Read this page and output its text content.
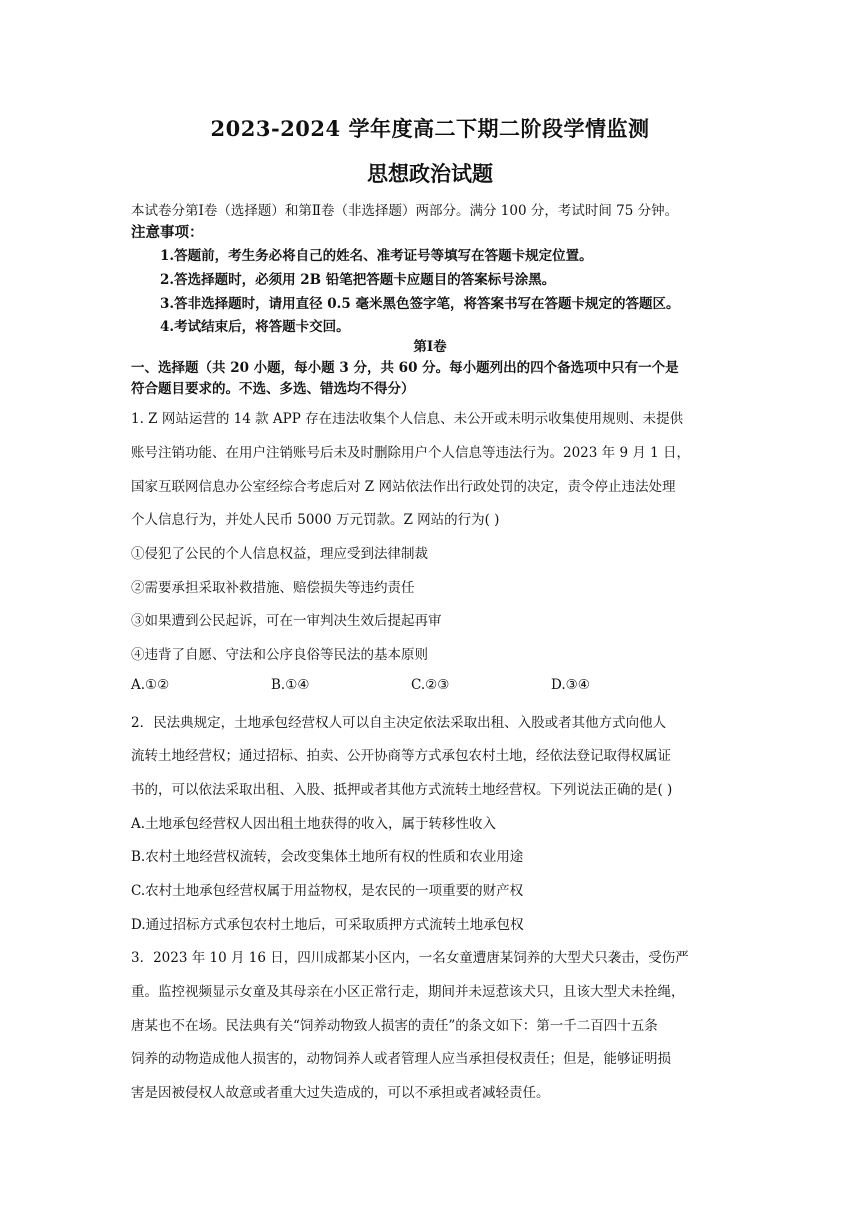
2023-2024 学年度高二下期二阶段学情监测
思想政治试题
本试卷分第Ⅰ卷（选择题）和第Ⅱ卷（非选择题）两部分。满分 100 分，考试时间 75 分钟。
注意事项：
1.答题前，考生务必将自己的姓名、准考证号等填写在答题卡规定位置。
2.答选择题时，必须用 2B 铅笔把答题卡应题目的答案标号涂黑。
3.答非选择题时，请用直径 0.5 毫米黑色签字笔，将答案书写在答题卡规定的答题区。
4.考试结束后，将答题卡交回。
第Ⅰ卷
一、选择题（共 20 小题，每小题 3 分，共 60 分。每小题列出的四个备选项中只有一个是
符合题目要求的。不选、多选、错选均不得分）
1. Z 网站运营的 14 款 APP 存在违法收集个人信息、未公开或未明示收集使用规则、未提供
账号注销功能、在用户注销账号后未及时删除用户个人信息等违法行为。2023 年 9 月 1 日，
国家互联网信息办公室经综合考虑后对 Z 网站依法作出行政处罚的决定，责令停止违法处理
个人信息行为，并处人民币 5000 万元罚款。Z 网站的行为( )
①侵犯了公民的个人信息权益，理应受到法律制裁
②需要承担采取补救措施、赔偿损失等违约责任
③如果遭到公民起诉，可在一审判决生效后提起再审
④违背了自愿、守法和公序良俗等民法的基本原则
A.①②	B.①④	C.②③	D.③④
2．民法典规定，土地承包经营权人可以自主决定依法采取出租、入股或者其他方式向他人
流转土地经营权；通过招标、拍卖、公开协商等方式承包农村土地，经依法登记取得权属证
书的，可以依法采取出租、入股、抵押或者其他方式流转土地经营权。下列说法正确的是( )
A.土地承包经营权人因出租土地获得的收入，属于转移性收入
B.农村土地经营权流转，会改变集体土地所有权的性质和农业用途
C.农村土地承包经营权属于用益物权，是农民的一项重要的财产权
D.通过招标方式承包农村土地后，可采取质押方式流转土地承包权
3．2023 年 10 月 16 日，四川成都某小区内，一名女童遭唐某饲养的大型犬只袭击，受伤严
重。监控视频显示女童及其母亲在小区正常行走，期间并未逗惹该犬只，且该大型犬未拴绳，
唐某也不在场。民法典有关“饲养动物致人损害的责任”的条文如下：第一千二百四十五条
饲养的动物造成他人损害的，动物饲养人或者管理人应当承担侵权责任；但是，能够证明损
害是因被侵权人故意或者重大过失造成的，可以不承担或者减轻责任。
